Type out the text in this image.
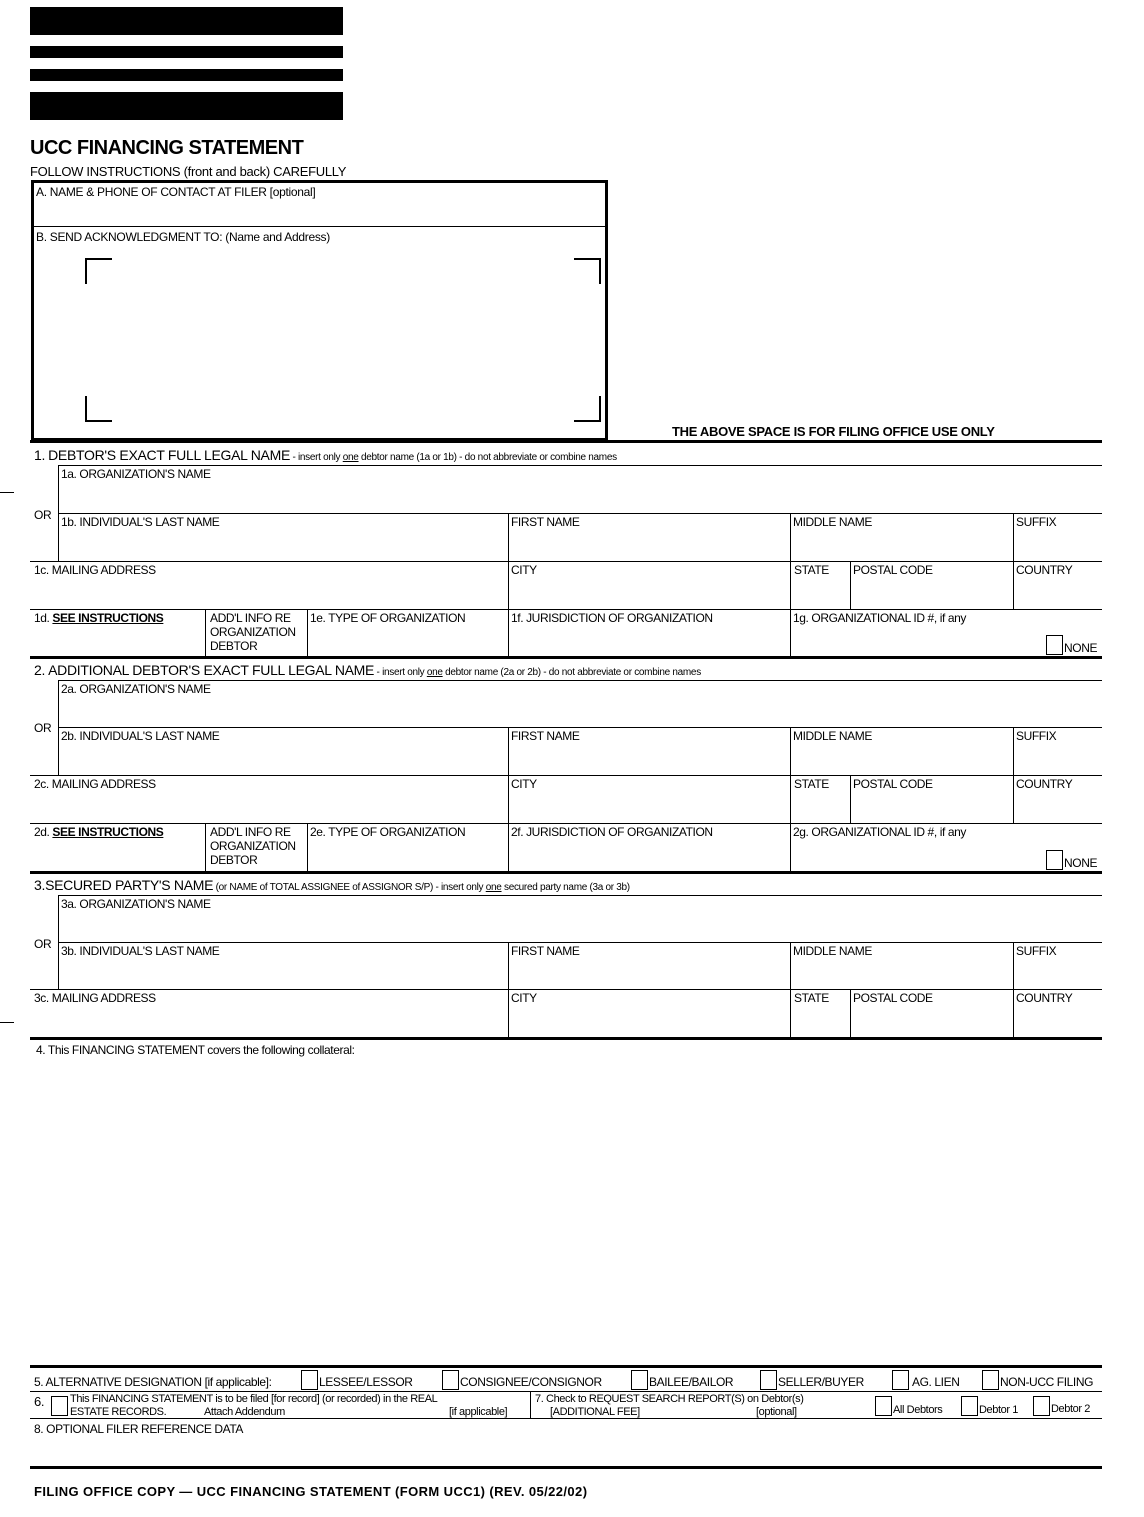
UCC FINANCING STATEMENT
FOLLOW INSTRUCTIONS (front and back) CAREFULLY
A. NAME & PHONE OF CONTACT AT FILER [optional]
B. SEND ACKNOWLEDGMENT TO: (Name and Address)
THE ABOVE SPACE IS FOR FILING OFFICE USE ONLY
1. DEBTOR'S EXACT FULL LEGAL NAME - insert only one debtor name (1a or 1b) - do not abbreviate or combine names
OR
1a. ORGANIZATION'S NAME
1b. INDIVIDUAL'S LAST NAME	FIRST NAME	MIDDLE NAME	SUFFIX
1c. MAILING ADDRESS	CITY	STATE POSTAL CODE	COUNTRY
1d. SEE INSTRUCTIONS	ADD'L INFO RE
ORGANIZATION
DEBTOR
1e. TYPE OF ORGANIZATION	1f. JURISDICTION OF ORGANIZATION	1g. ORGANIZATIONAL ID #, if any
NONE
2. ADDITIONAL DEBTOR'S EXACT FULL LEGAL NAME - insert only one debtor name (2a or 2b) - do not abbreviate or combine names
OR
2a. ORGANIZATION'S NAME
2b. INDIVIDUAL'S LAST NAME	FIRST NAME	MIDDLE NAME	SUFFIX
2c. MAILING ADDRESS	CITY	STATE POSTAL CODE	COUNTRY
2d. SEE INSTRUCTIONS	ADD'L INFO RE
ORGANIZATION
DEBTOR
2e. TYPE OF ORGANIZATION	2f. JURISDICTION OF ORGANIZATION	2g. ORGANIZATIONAL ID #, if any
NONE
3.SECURED PARTY'S NAME (or NAME of TOTAL ASSIGNEE of ASSIGNOR S/P) - insert only one secured party name (3a or 3b)
OR
3a. ORGANIZATION'S NAME
3b. INDIVIDUAL'S LAST NAME	FIRST NAME	MIDDLE NAME	SUFFIX
3c. MAILING ADDRESS	CITY	STATE POSTAL CODE	COUNTRY
4. This FINANCING STATEMENT covers the following collateral:
5. ALTERNATIVE DESIGNATION [if applicable]:	LESSEE/LESSOR	CONSIGNEE/CONSIGNOR	BAILEE/BAILOR	SELLER/BUYER	AG. LIEN	NON-UCC FILING
6. This FINANCING STATEMENT is to be filed [for record] (or recorded) in the REAL
ESTATE RECORDS.	Attach Addendum	[if applicable]
7. Check to REQUEST SEARCH REPORT(S) on Debtor(s)
[ADDITIONAL FEE]	[optional]	All Debtors	Debtor 1	Debtor 2
8. OPTIONAL FILER REFERENCE DATA
FILING OFFICE COPY — UCC FINANCING STATEMENT (FORM UCC1) (REV. 05/22/02)
